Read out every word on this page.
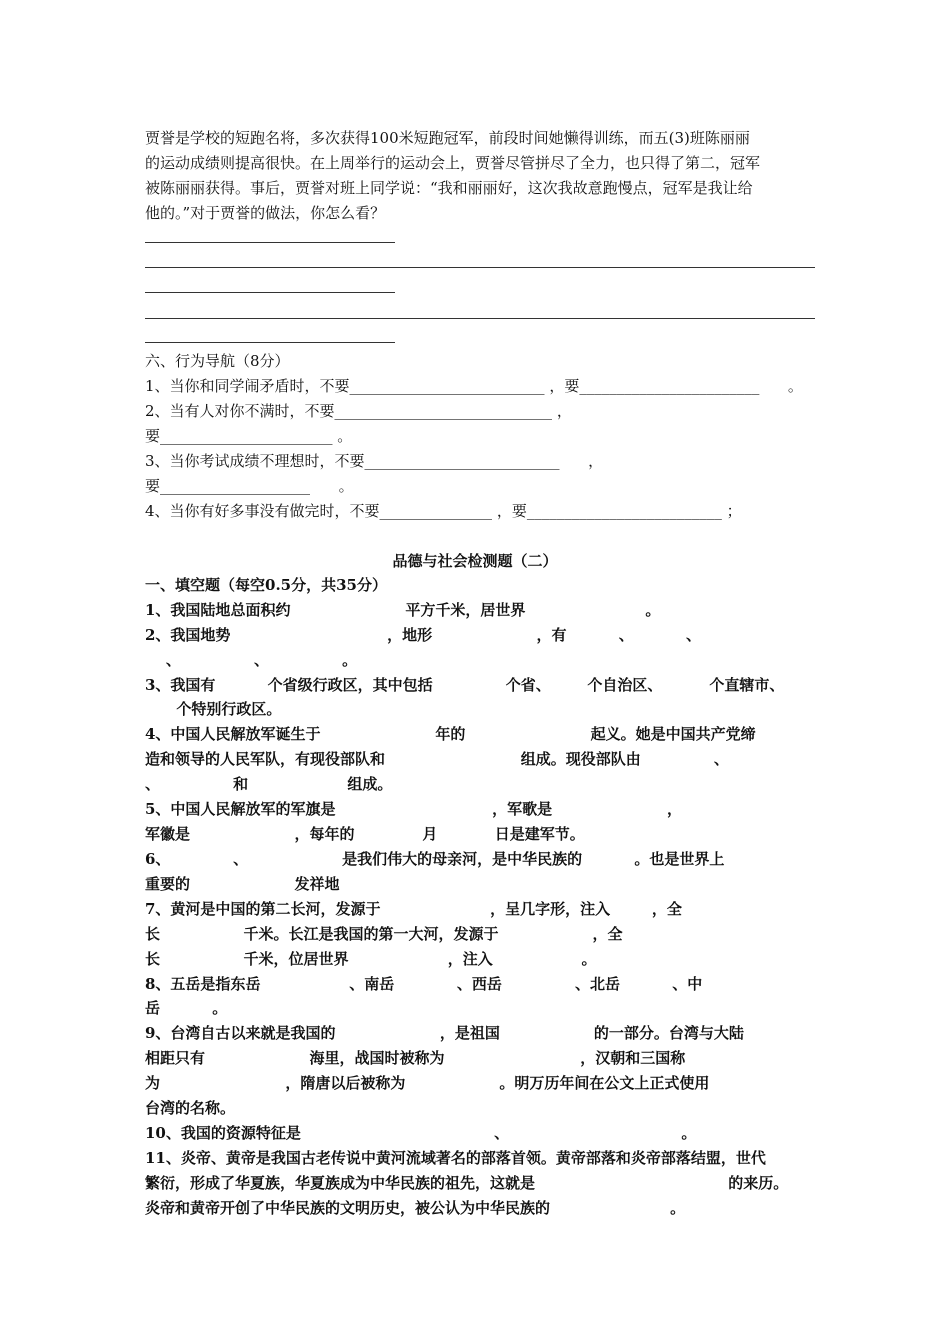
贾誉是学校的短跑名将，多次获得100米短跑冠军，前段时间她懒得训练，而五(3)班陈丽丽
的运动成绩则提高很快。在上周举行的运动会上，贾誉尽管拼尽了全力，也只得了第二，冠军
被陈丽丽获得。事后，贾誉对班上同学说：“我和丽丽好，这次我故意跑慢点，冠军是我让给
他的。”对于贾誉的做法，你怎么看？
六、行为导航（8分）
1、当你和同学闹矛盾时，不要__________________________ ，要________________________      。
2、当有人对你不满时，不要_____________________________ ，
要_______________________ 。
3、当你考试成绩不理想时，不要__________________________      ，
要____________________      。
4、当你有好多事没有做完时，不要_______________ ，要__________________________ ；
品德与社会检测题（二）
一、填空题（每空0.5分，共35分）
1、我国陆地总面积约                      平方千米，居世界                       。
2、我国地势                              ，地形                    ，有          、          、
、              、              。
3、我国有          个省级行政区，其中包括              个省、       个自治区、         个直辖市、
个特别行政区。
4、中国人民解放军诞生于                      年的                        起义。她是中国共产党缔
造和领导的人民军队，有现役部队和                          组成。现役部队由              、
、              和                   组成。
5、中国人民解放军的军旗是                              ，军歌是                      ，
军徽是                    ，每年的             月           日是建军节。
6、            、                  是我们伟大的母亲河，是中华民族的          。也是世界上
重要的                    发祥地
7、黄河是中国的第二长河，发源于                     ，呈几字形，注入        ，全
长                千米。长江是我国的第一大河，发源于                  ，全
长                千米，位居世界                   ，注入                 。
8、五岳是指东岳                 、南岳            、西岳              、北岳          、中
岳          。
9、台湾自古以来就是我国的                    ，是祖国                  的一部分。台湾与大陆
相距只有                    海里，战国时被称为                          ，汉朝和三国称
为                        ，隋唐以后被称为                  。明万历年间在公文上正式使用
台湾的名称。
10、我国的资源特征是                                     、                                 。
11、炎帝、黄帝是我国古老传说中黄河流域著名的部落首领。黄帝部落和炎帝部落结盟，世代
繁衍，形成了华夏族，华夏族成为中华民族的祖先，这就是                                     的来历。
炎帝和黄帝开创了中华民族的文明历史，被公认为中华民族的                       。
